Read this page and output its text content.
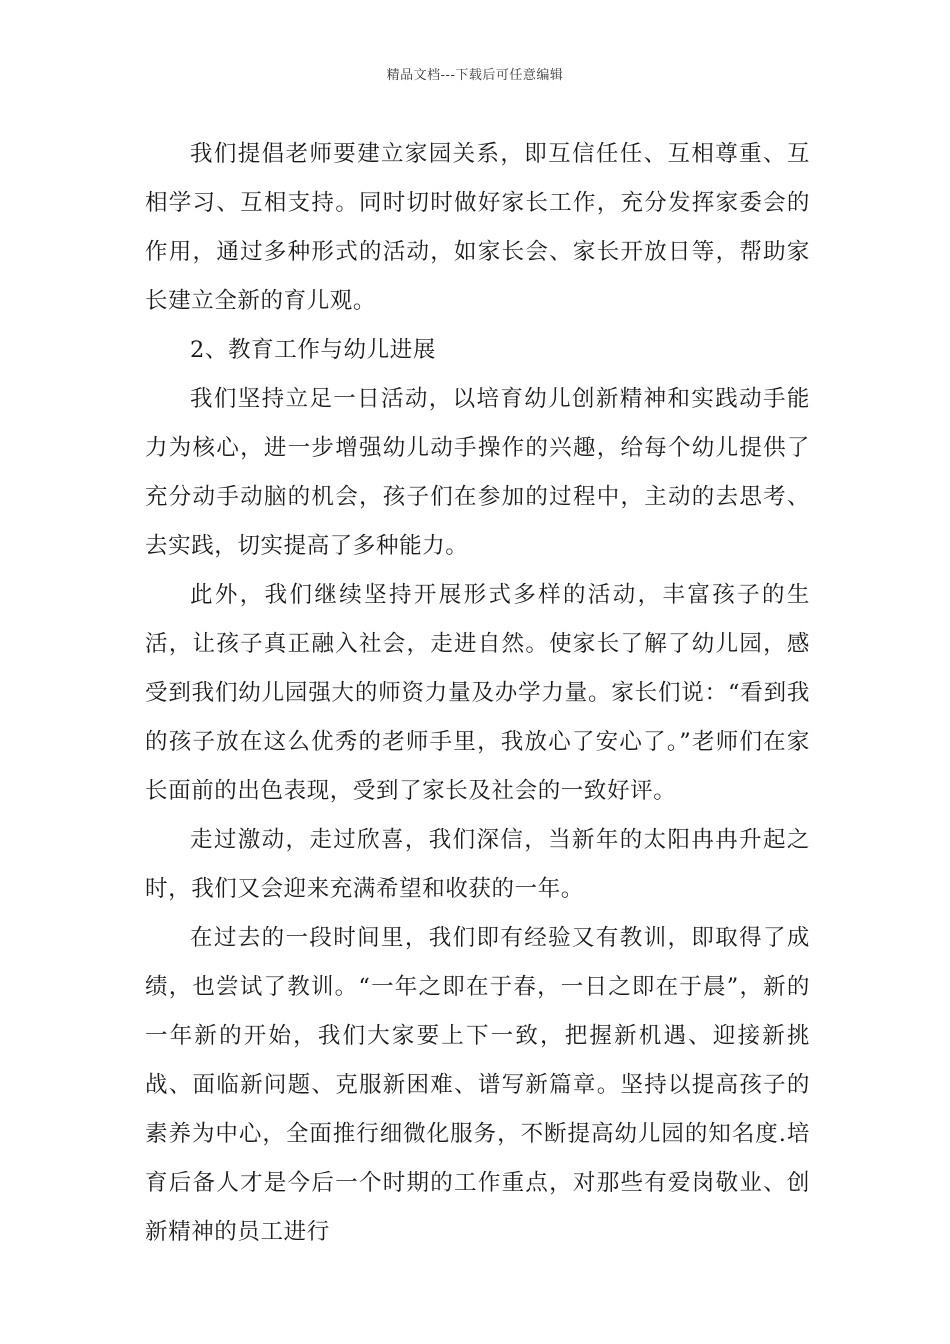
精品文档---下载后可任意编辑

我们提倡老师要建立家园关系，即互信任任、互相尊重、互相学习、互相支持。同时切时做好家长工作，充分发挥家委会的作用，通过多种形式的活动，如家长会、家长开放日等，帮助家长建立全新的育儿观。

2、教育工作与幼儿进展

我们坚持立足一日活动，以培育幼儿创新精神和实践动手能力为核心，进一步增强幼儿动手操作的兴趣，给每个幼儿提供了充分动手动脑的机会，孩子们在参加的过程中，主动的去思考、去实践，切实提高了多种能力。

此外，我们继续坚持开展形式多样的活动，丰富孩子的生活，让孩子真正融入社会，走进自然。使家长了解了幼儿园，感受到我们幼儿园强大的师资力量及办学力量。家长们说：“看到我的孩子放在这么优秀的老师手里，我放心了安心了。”老师们在家长面前的出色表现，受到了家长及社会的一致好评。

走过激动，走过欣喜，我们深信，当新年的太阳冉冉升起之时，我们又会迎来充满希望和收获的一年。

在过去的一段时间里，我们即有经验又有教训，即取得了成绩，也尝试了教训。“一年之即在于春，一日之即在于晨”，新的一年新的开始，我们大家要上下一致，把握新机遇、迎接新挑战、面临新问题、克服新困难、谱写新篇章。坚持以提高孩子的素养为中心，全面推行细微化服务，不断提高幼儿园的知名度.培育后备人才是今后一个时期的工作重点，对那些有爱岗敬业、创新精神的员工进行
